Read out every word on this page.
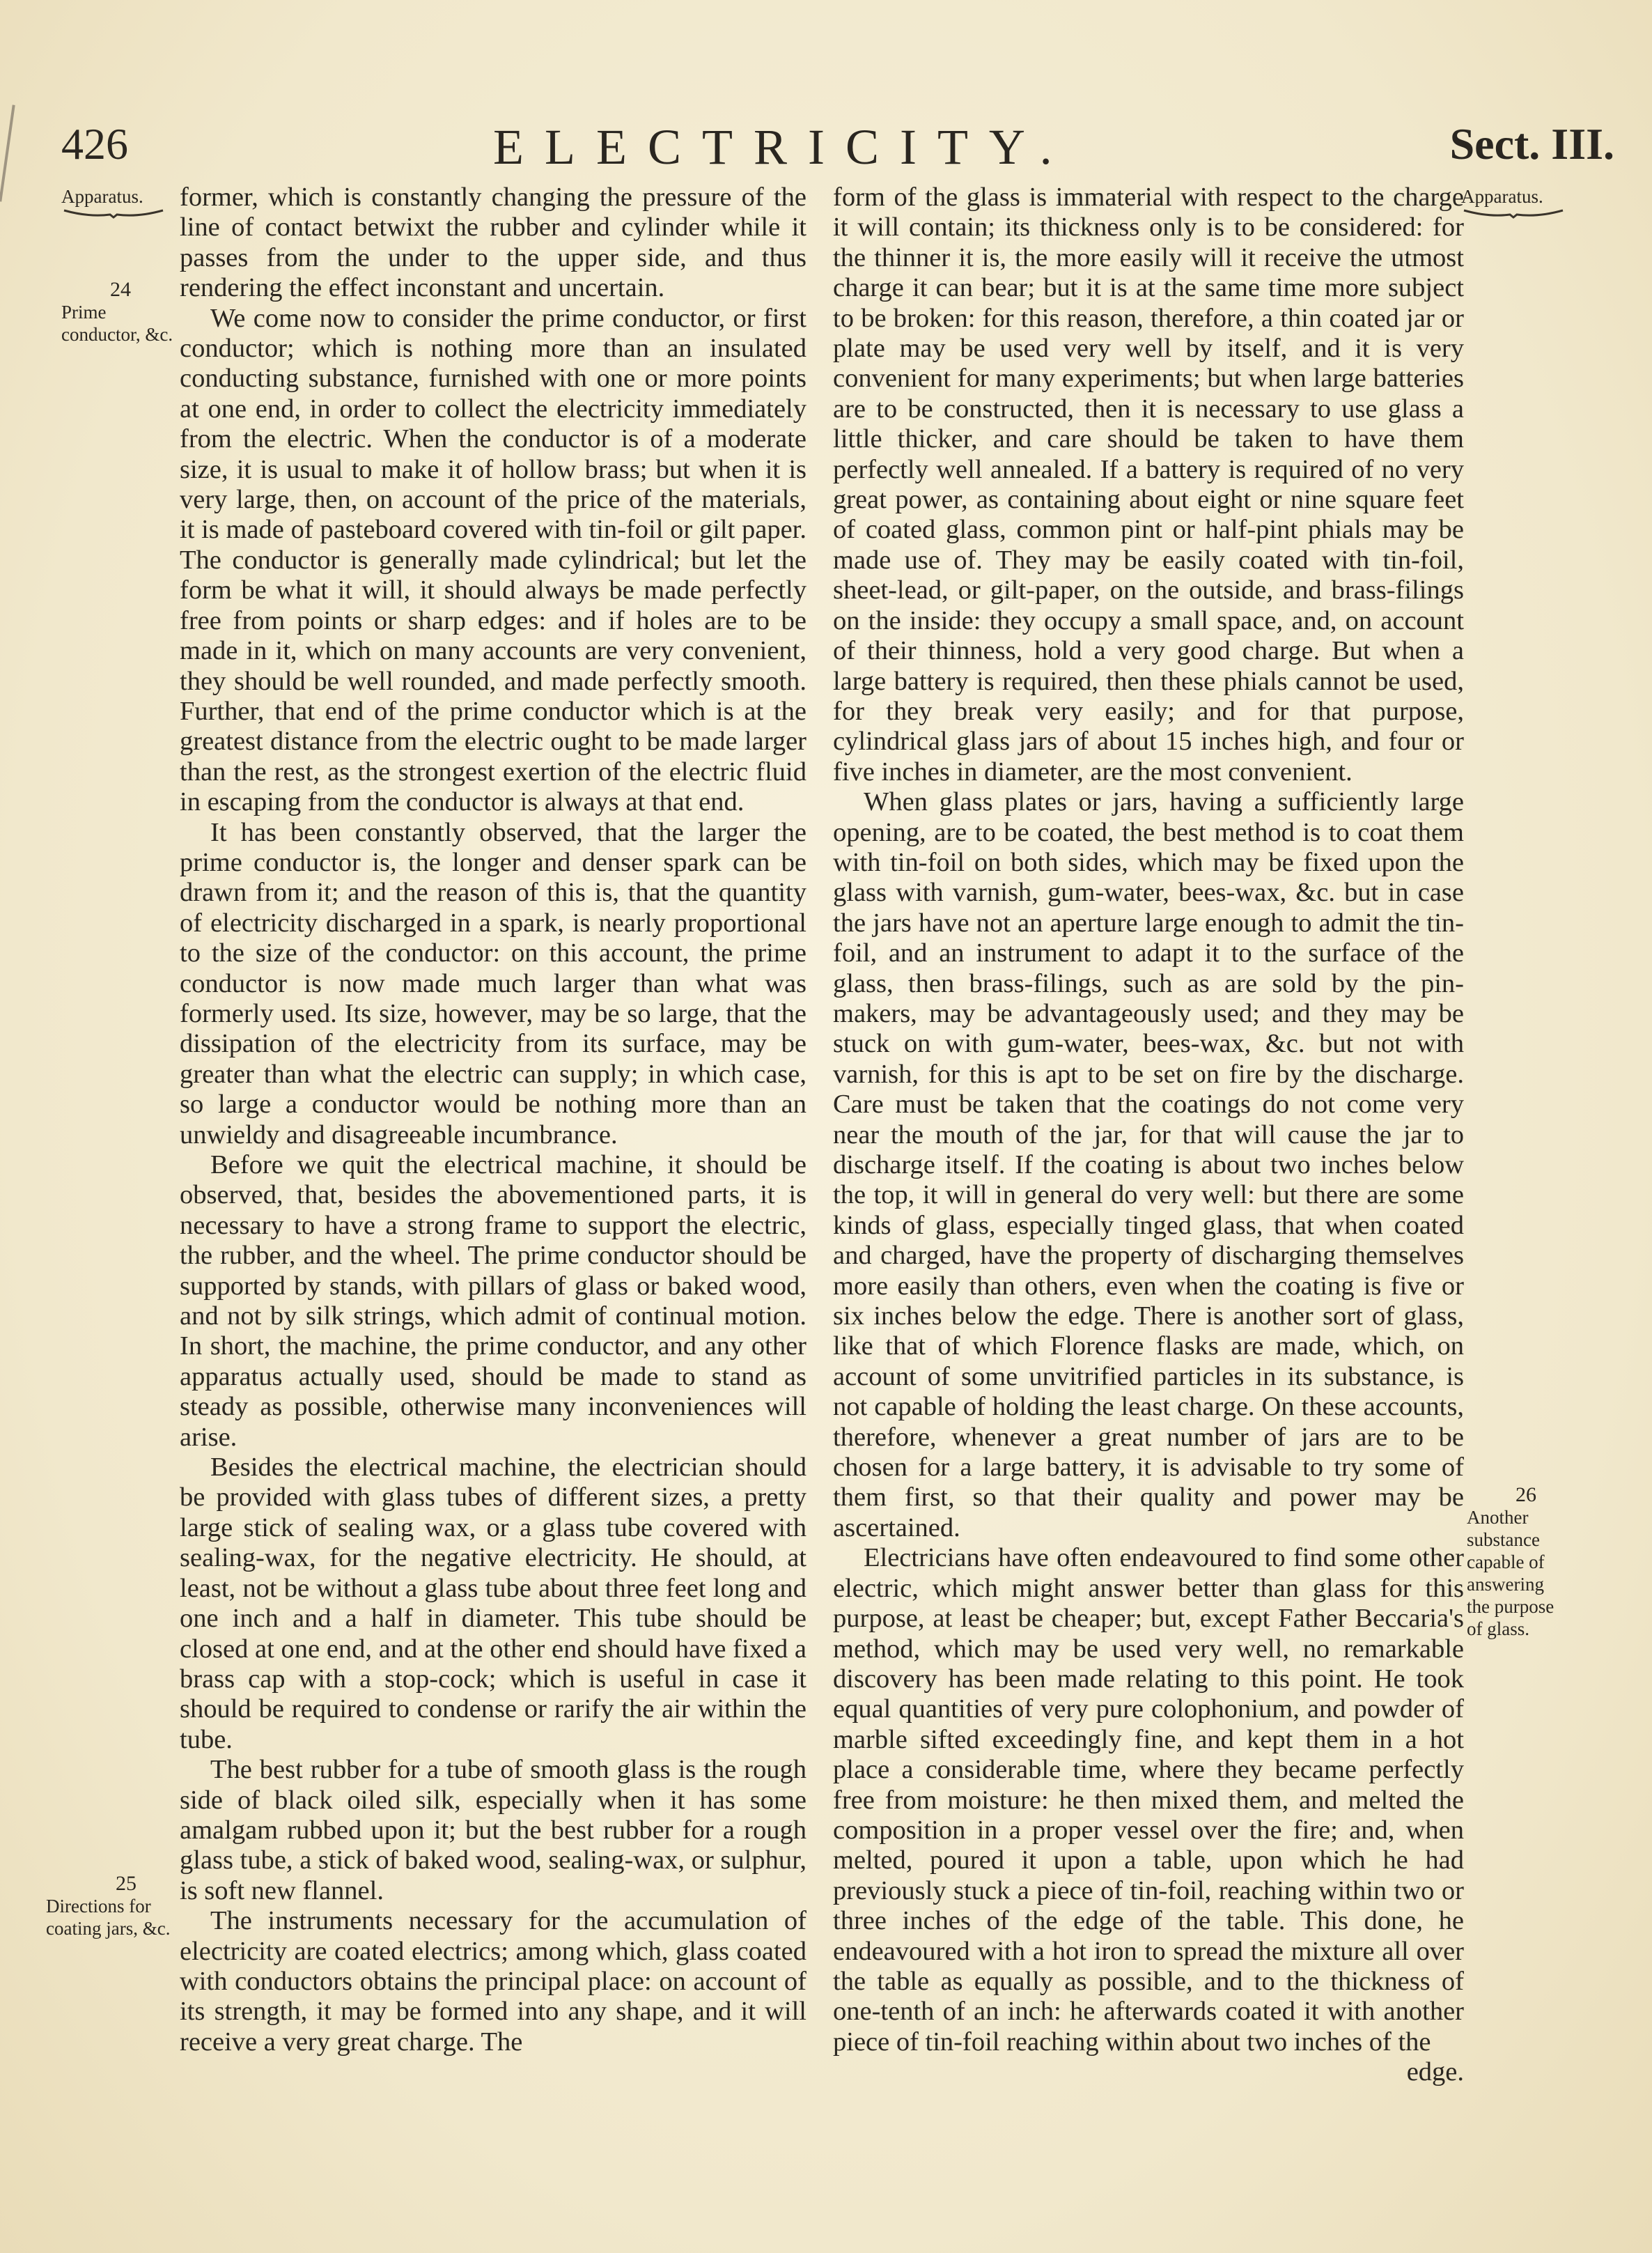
426	ELECTRICITY.	Sect. III.
Apparatus.
24
Prime conductor, &c.
25
Directions for coating jars, &c.
Apparatus.
26
Another substance capable of answering the purpose of glass.

former, which is constantly changing the pressure of the line of contact betwixt the rubber and cylinder while it passes from the under to the upper side, and thus rendering the effect inconstant and uncertain.

We come now to consider the prime conductor, or first conductor; which is nothing more than an insulated conducting substance, furnished with one or more points at one end, in order to collect the electricity immediately from the electric. When the conductor is of a moderate size, it is usual to make it of hollow brass; but when it is very large, then, on account of the price of the materials, it is made of pasteboard covered with tin-foil or gilt paper. The conductor is generally made cylindrical; but let the form be what it will, it should always be made perfectly free from points or sharp edges: and if holes are to be made in it, which on many accounts are very convenient, they should be well rounded, and made perfectly smooth. Further, that end of the prime conductor which is at the greatest distance from the electric ought to be made larger than the rest, as the strongest exertion of the electric fluid in escaping from the conductor is always at that end.

It has been constantly observed, that the larger the prime conductor is, the longer and denser spark can be drawn from it; and the reason of this is, that the quantity of electricity discharged in a spark, is nearly proportional to the size of the conductor: on this account, the prime conductor is now made much larger than what was formerly used. Its size, however, may be so large, that the dissipation of the electricity from its surface, may be greater than what the electric can supply; in which case, so large a conductor would be nothing more than an unwieldy and disagreeable incumbrance.

Before we quit the electrical machine, it should be observed, that, besides the abovementioned parts, it is necessary to have a strong frame to support the electric, the rubber, and the wheel. The prime conductor should be supported by stands, with pillars of glass or baked wood, and not by silk strings, which admit of continual motion. In short, the machine, the prime conductor, and any other apparatus actually used, should be made to stand as steady as possible, otherwise many inconveniences will arise.

Besides the electrical machine, the electrician should be provided with glass tubes of different sizes, a pretty large stick of sealing wax, or a glass tube covered with sealing-wax, for the negative electricity. He should, at least, not be without a glass tube about three feet long and one inch and a half in diameter. This tube should be closed at one end, and at the other end should have fixed a brass cap with a stop-cock; which is useful in case it should be required to condense or rarify the air within the tube.

The best rubber for a tube of smooth glass is the rough side of black oiled silk, especially when it has some amalgam rubbed upon it; but the best rubber for a rough glass tube, a stick of baked wood, sealing-wax, or sulphur, is soft new flannel.

The instruments necessary for the accumulation of electricity are coated electrics; among which, glass coated with conductors obtains the principal place: on account of its strength, it may be formed into any shape, and it will receive a very great charge. The

form of the glass is immaterial with respect to the charge it will contain; its thickness only is to be considered: for the thinner it is, the more easily will it receive the utmost charge it can bear; but it is at the same time more subject to be broken: for this reason, therefore, a thin coated jar or plate may be used very well by itself, and it is very convenient for many experiments; but when large batteries are to be constructed, then it is necessary to use glass a little thicker, and care should be taken to have them perfectly well annealed. If a battery is required of no very great power, as containing about eight or nine square feet of coated glass, common pint or half-pint phials may be made use of. They may be easily coated with tin-foil, sheet-lead, or gilt-paper, on the outside, and brass-filings on the inside: they occupy a small space, and, on account of their thinness, hold a very good charge. But when a large battery is required, then these phials cannot be used, for they break very easily; and for that purpose, cylindrical glass jars of about 15 inches high, and four or five inches in diameter, are the most convenient.

When glass plates or jars, having a sufficiently large opening, are to be coated, the best method is to coat them with tin-foil on both sides, which may be fixed upon the glass with varnish, gum-water, bees-wax, &c. but in case the jars have not an aperture large enough to admit the tin-foil, and an instrument to adapt it to the surface of the glass, then brass-filings, such as are sold by the pin-makers, may be advantageously used; and they may be stuck on with gum-water, bees-wax, &c. but not with varnish, for this is apt to be set on fire by the discharge. Care must be taken that the coatings do not come very near the mouth of the jar, for that will cause the jar to discharge itself. If the coating is about two inches below the top, it will in general do very well: but there are some kinds of glass, especially tinged glass, that when coated and charged, have the property of discharging themselves more easily than others, even when the coating is five or six inches below the edge. There is another sort of glass, like that of which Florence flasks are made, which, on account of some unvitrified particles in its substance, is not capable of holding the least charge. On these accounts, therefore, whenever a great number of jars are to be chosen for a large battery, it is advisable to try some of them first, so that their quality and power may be ascertained.

Electricians have often endeavoured to find some other electric, which might answer better than glass for this purpose, at least be cheaper; but, except Father Beccaria's method, which may be used very well, no remarkable discovery has been made relating to this point. He took equal quantities of very pure colophonium, and powder of marble sifted exceedingly fine, and kept them in a hot place a considerable time, where they became perfectly free from moisture: he then mixed them, and melted the composition in a proper vessel over the fire; and, when melted, poured it upon a table, upon which he had previously stuck a piece of tin-foil, reaching within two or three inches of the edge of the table. This done, he endeavoured with a hot iron to spread the mixture all over the table as equally as possible, and to the thickness of one-tenth of an inch: he afterwards coated it with another piece of tin-foil reaching within about two inches of the

edge.
